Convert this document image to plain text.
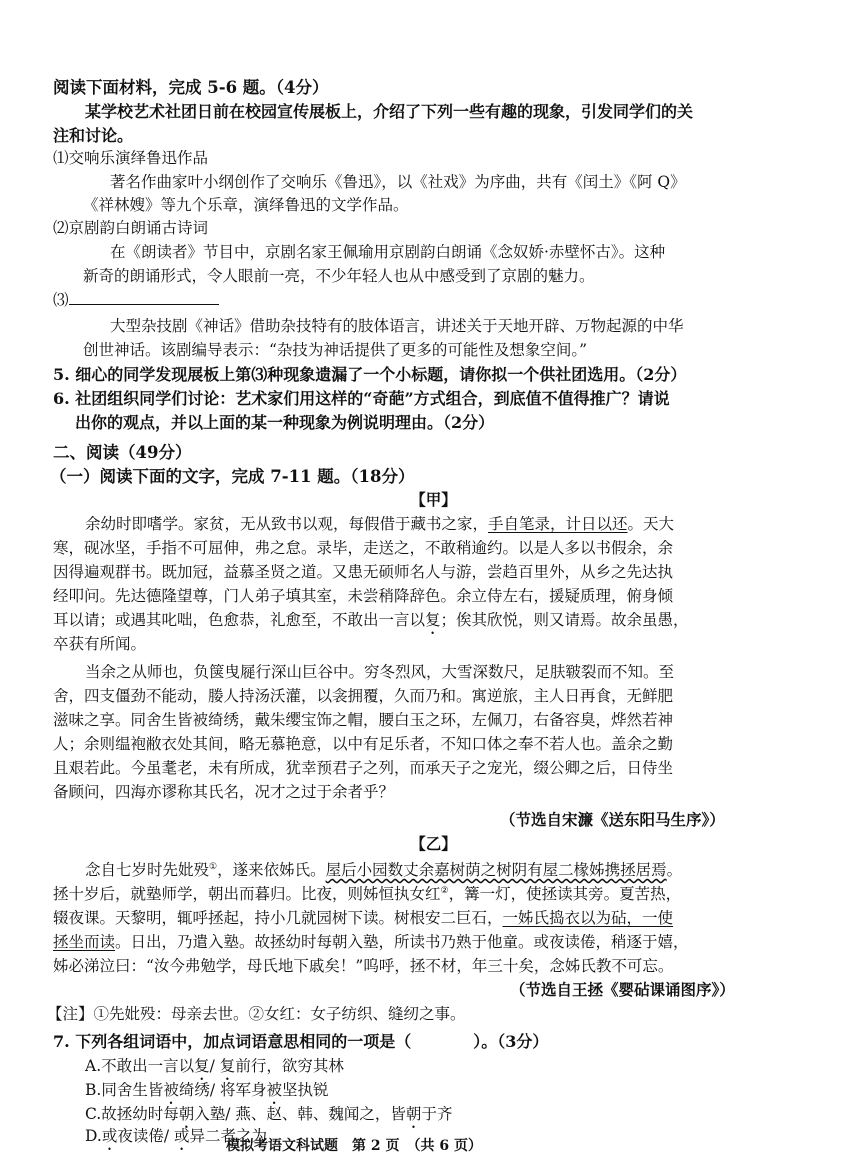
阅读下面材料，完成 5-6 题。（4分）
某学校艺术社团日前在校园宣传展板上，介绍了下列一些有趣的现象，引发同学们的关
注和讨论。
⑴交响乐演绎鲁迅作品
著名作曲家叶小纲创作了交响乐《鲁迅》，以《社戏》为序曲，共有《闰土》《阿 Q》
《祥林嫂》等九个乐章，演绎鲁迅的文学作品。
⑵京剧韵白朗诵古诗词
在《朗读者》节目中，京剧名家王佩瑜用京剧韵白朗诵《念奴娇·赤壁怀古》。这种
新奇的朗诵形式，令人眼前一亮，不少年轻人也从中感受到了京剧的魅力。
⑶
大型杂技剧《神话》借助杂技特有的肢体语言，讲述关于天地开辟、万物起源的中华
创世神话。该剧编导表示：“杂技为神话提供了更多的可能性及想象空间。”
5. 细心的同学发现展板上第⑶种现象遗漏了一个小标题，请你拟一个供社团选用。（2分）
6. 社团组织同学们讨论：艺术家们用这样的“奇葩”方式组合，到底值不值得推广？请说
出你的观点，并以上面的某一种现象为例说明理由。（2分）
二、阅读（49分）
（一）阅读下面的文字，完成 7-11 题。（18分）
【甲】
余幼时即嗜学。家贫，无从致书以观，每假借于藏书之家，手自笔录，计日以还。天大
寒，砚冰坚，手指不可屈伸，弗之怠。录毕，走送之，不敢稍逾约。以是人多以书假余，余
因得遍观群书。既加冠，益慕圣贤之道。又患无硕师名人与游，尝趋百里外，从乡之先达执
经叩问。先达德隆望尊，门人弟子填其室，未尝稍降辞色。余立侍左右，援疑质理，俯身倾
耳以请；或遇其叱咄，色愈恭，礼愈至，不敢出一言以复；俟其欣悦，则又请焉。故余虽愚，
卒获有所闻。
当余之从师也，负箧曳屣行深山巨谷中。穷冬烈风，大雪深数尺，足肤皲裂而不知。至
舍，四支僵劲不能动，媵人持汤沃灌，以衾拥覆，久而乃和。寓逆旅，主人日再食，无鲜肥
滋味之享。同舍生皆被绮绣，戴朱缨宝饰之帽，腰白玉之环，左佩刀，右备容臭，烨然若神
人；余则缊袍敝衣处其间，略无慕艳意，以中有足乐者，不知口体之奉不若人也。盖余之勤
且艰若此。今虽耄老，未有所成，犹幸预君子之列，而承天子之宠光，缀公卿之后，日侍坐
备顾问，四海亦谬称其氏名，况才之过于余者乎？
（节选自宋濂《送东阳马生序》）
【乙】
念自七岁时先妣殁①，遂来依姊氏。屋后小园数丈余嘉树荫之树阴有屋二椽姊携拯居焉。
拯十岁后，就塾师学，朝出而暮归。比夜，则姊恒执女红②，篝一灯，使拯读其旁。夏苦热，
辍夜课。天黎明，辄呼拯起，持小几就园树下读。树根安二巨石，一姊氏捣衣以为砧，一使
拯坐而读。日出，乃遣入塾。故拯幼时每朝入塾，所读书乃熟于他童。或夜读倦，稍逐于嬉，
姊必涕泣曰：“汝今弗勉学，母氏地下戚矣！”呜呼，拯不材，年三十矣，念姊氏教不可忘。
（节选自王拯《婴砧课诵图序》）
【注】①先妣殁：母亲去世。②女红：女子纺织、缝纫之事。
7. 下列各组词语中，加点词语意思相同的一项是（	）。（3分）
A.不敢出一言以复/ 复前行，欲穷其林
B.同舍生皆被绮绣/ 将军身被坚执锐
C.故拯幼时每朝入塾/ 燕、赵、韩、魏闻之，皆朝于齐
D.或夜读倦/ 或异二者之为
模拟考语文科试题　第 2 页　（共 6 页）
